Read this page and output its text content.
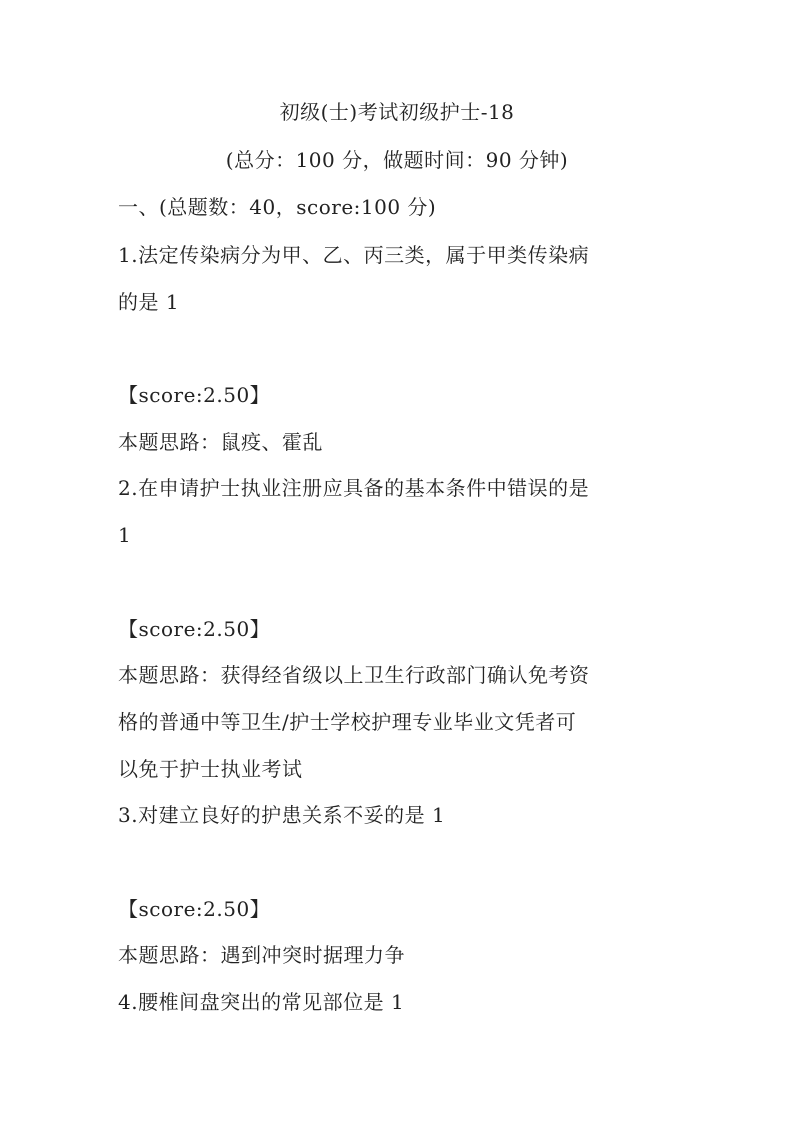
初级(士)考试初级护士-18
(总分：100 分，做题时间：90 分钟)
一、(总题数：40，score:100 分)
1.法定传染病分为甲、乙、丙三类，属于甲类传染病
的是 1
【score:2.50】
本题思路：鼠疫、霍乱
2.在申请护士执业注册应具备的基本条件中错误的是
1
【score:2.50】
本题思路：获得经省级以上卫生行政部门确认免考资
格的普通中等卫生/护士学校护理专业毕业文凭者可
以免于护士执业考试
3.对建立良好的护患关系不妥的是 1
【score:2.50】
本题思路：遇到冲突时据理力争
4.腰椎间盘突出的常见部位是 1
